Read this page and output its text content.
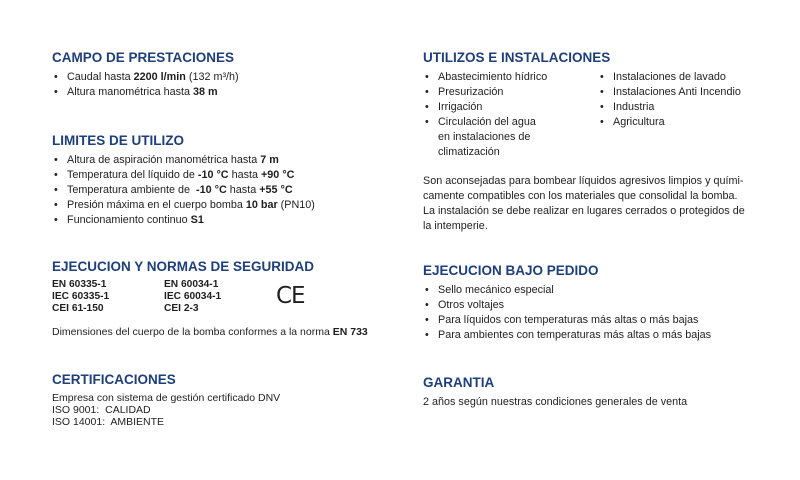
CAMPO DE PRESTACIONES
• Caudal hasta 2200 l/min (132 m³/h)
• Altura manométrica hasta 38 m
LIMITES DE UTILIZO
• Altura de aspiración manométrica hasta 7 m
• Temperatura del líquido de -10 °C hasta +90 °C
• Temperatura ambiente de  -10 °C hasta +55 °C
• Presión máxima en el cuerpo bomba 10 bar (PN10)
• Funcionamiento continuo S1
EJECUCION Y NORMAS DE SEGURIDAD
EN 60335-1
IEC 60335-1
CEI 61-150
EN 60034-1
IEC 60034-1
CEI 2-3	CE

Dimensiones del cuerpo de la bomba conformes a la norma EN 733

CERTIFICACIONES
Empresa con sistema de gestión certificado DNV
ISO 9001:  CALIDAD
ISO 14001:  AMBIENTE
UTILIZOS E INSTALACIONES
• Abastecimiento hídrico
• Presurización
• Irrigación
• Circulación del agua en instalaciones de climatización
• Instalaciones de lavado
• Instalaciones Anti Incendio
• Industria
• Agricultura

Son aconsejadas para bombear líquidos agresivos limpios y quími-

camente compatibles con los materiales que consolidal la bomba.

La instalación se debe realizar en lugares cerrados o protegidos de

la intemperie.

EJECUCION BAJO PEDIDO
• Sello mecánico especial
• Otros voltajes
• Para líquidos con temperaturas más altas o más bajas
• Para ambientes con temperaturas más altas o más bajas
GARANTIA

2 años según nuestras condiciones generales de venta
